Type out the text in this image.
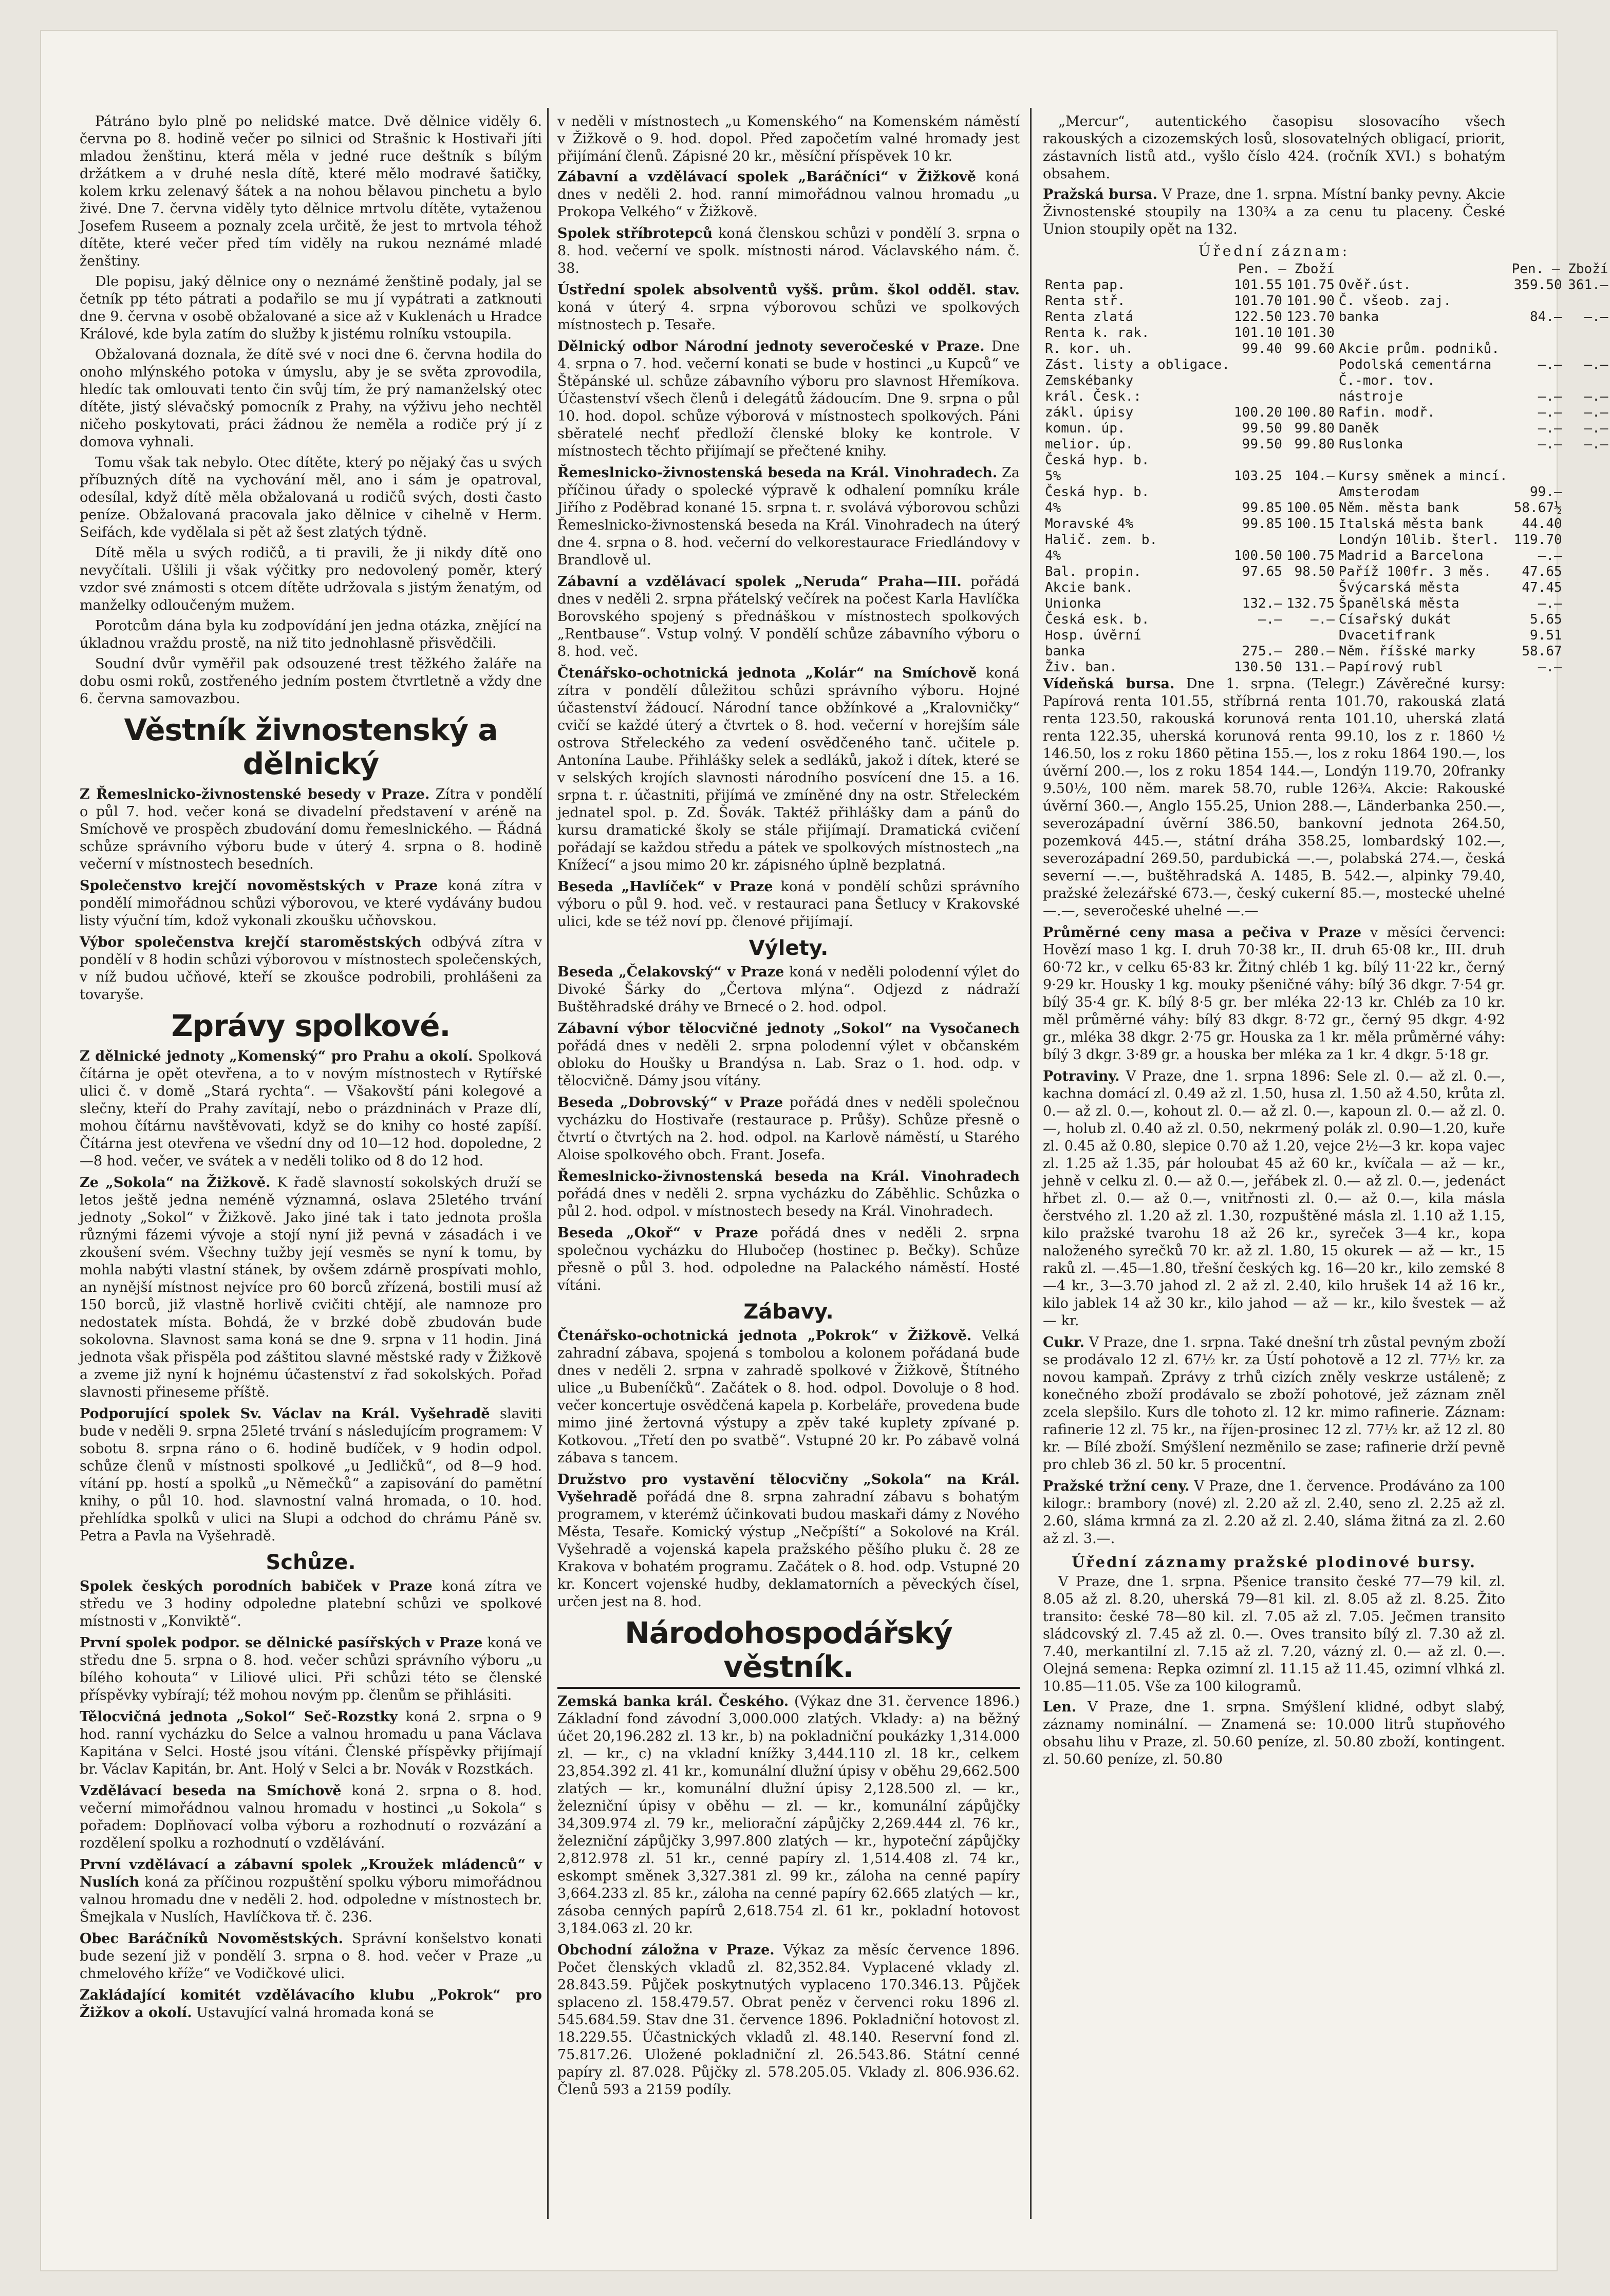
Pátráno bylo plně po nelidské matce. Dvě dělnice viděly 6. června po 8. hodině večer po silnici od Strašnic k Hostivaři jíti mladou ženštinu, která měla v jedné ruce deštník s bílým držátkem a v druhé nesla dítě, které mělo modravé šatičky, kolem krku zelenavý šátek a na nohou bělavou pinchetu a bylo živé. Dne 7. června viděly tyto dělnice mrtvolu dítěte, vytaženou Josefem Ruseem a poznaly zcela určitě, že jest to mrtvola téhož dítěte, které večer před tím viděly na rukou neznámé mladé ženštiny.

Dle popisu, jaký dělnice ony o neznámé ženštině podaly, jal se četník pp této pátrati a podařilo se mu jí vypátrati a zatknouti dne 9. června v osobě obžalované a sice až v Kuklenách u Hradce Králové, kde byla zatím do služby k jistému rolníku vstoupila.

Obžalovaná doznala, že dítě své v noci dne 6. června hodila do onoho mlýnského potoka v úmyslu, aby je se světa zprovodila, hledíc tak omlouvati tento čin svůj tím, že prý namanželský otec dítěte, jistý slévačský pomocník z Prahy, na výživu jeho nechtěl ničeho poskytovati, práci žádnou že neměla a rodiče prý jí z domova vyhnali.

Tomu však tak nebylo. Otec dítěte, který po nějaký čas u svých příbuzných dítě na vychování měl, ano i sám je opatroval, odesílal, když dítě měla obžalovaná u rodičů svých, dosti často peníze. Obžalovaná pracovala jako dělnice v cihelně v Herm. Seifách, kde vydělala si pět až šest zlatých týdně.

Dítě měla u svých rodičů, a ti pravili, že ji nikdy dítě ono nevyčítali. Ušlili ji však výčitky pro nedovolený poměr, který vzdor své známosti s otcem dítěte udržovala s jistým ženatým, od manželky odloučeným mužem.

Porotcům dána byla ku zodpovídání jen jedna otázka, znějící na úkladnou vraždu prostě, na niž tito jednohlasně přisvědčili.

Soudní dvůr vyměřil pak odsouzené trest těžkého žaláře na dobu osmi roků, zostřeného jedním postem čtvrtletně a vždy dne 6. června samovazbou.

Věstník živnostenský a dělnický
Z Řemeslnicko-živnostenské besedy v Praze. Zítra v pondělí o půl 7. hod. večer koná se divadelní představení v aréně na Smíchově ve prospěch zbudování domu řemeslnického. — Řádná schůze správního výboru bude v úterý 4. srpna o 8. hodině večerní v místnostech besedních.
Společenstvo krejčí novoměstských v Praze koná zítra v pondělí mimořádnou schůzi výborovou, ve které vydávány budou listy výuční tím, kdož vykonali zkoušku učňovskou.
Výbor společenstva krejčí staroměstských odbývá zítra v pondělí v 8 hodin schůzi výborovou v místnostech společenských, v níž budou učňové, kteří se zkoušce podrobili, prohlášeni za tovaryše.
Zprávy spolkové.
Z dělnické jednoty „Komenský“ pro Prahu a okolí. Spolková čítárna je opět otevřena, a to v novým místnostech v Rytířské ulici č. v domě „Stará rychta“. — Všakovští páni kolegové a slečny, kteří do Prahy zavítají, nebo o prázdninách v Praze dlí, mohou čítárnu navštěvovati, když se do knihy co hosté zapíší. Čítárna jest otevřena ve všední dny od 10—12 hod. dopoledne, 2—8 hod. večer, ve svátek a v neděli toliko od 8 do 12 hod.
Ze „Sokola“ na Žižkově. K řadě slavností sokolských druží se letos ještě jedna neméně významná, oslava 25letého trvání jednoty „Sokol“ v Žižkově. Jako jiné tak i tato jednota prošla různými fázemi vývoje a stojí nyní již pevná v zásadách i ve zkoušení svém. Všechny tužby její vesměs se nyní k tomu, by mohla nabýti vlastní stánek, by ovšem zdárně prospívati mohlo, an nynější místnost nejvíce pro 60 borců zřízená, bostili musí až 150 borců, již vlastně horlivě cvičiti chtějí, ale namnoze pro nedostatek místa. Bohdá, že v brzké době zbudován bude sokolovna. Slavnost sama koná se dne 9. srpna v 11 hodin. Jiná jednota však přispěla pod záštitou slavné městské rady v Žižkově a zveme již nyní k hojnému účastenství z řad sokolských. Pořad slavnosti přineseme příště.
Podporující spolek Sv. Václav na Král. Vyšehradě slaviti bude v neděli 9. srpna 25leté trvání s následujícím programem: V sobotu 8. srpna ráno o 6. hodině budíček, v 9 hodin odpol. schůze členů v místnosti spolkové „u Jedličků“, od 8—9 hod. vítání pp. hostí a spolků „u Němečků“ a zapisování do pamětní knihy, o půl 10. hod. slavnostní valná hromada, o 10. hod. přehlídka spolků v ulici na Slupi a odchod do chrámu Páně sv. Petra a Pavla na Vyšehradě.
Schůze.
Spolek českých porodních babiček v Praze koná zítra ve středu ve 3 hodiny odpoledne platební schůzi ve spolkové místnosti v „Konviktě“.
První spolek podpor. se dělnické pasířských v Praze koná ve středu dne 5. srpna o 8. hod. večer schůzi správního výboru „u bílého kohouta“ v Liliové ulici. Při schůzi této se členské příspěvky vybírají; též mohou novým pp. členům se přihlásiti.
Tělocvičná jednota „Sokol“ Seč-Rozstky koná 2. srpna o 9 hod. ranní vycházku do Selce a valnou hromadu u pana Václava Kapitána v Selci. Hosté jsou vítáni. Členské příspěvky přijímají br. Václav Kapitán, br. Ant. Holý v Selci a br. Novák v Rozstkách.
Vzdělávací beseda na Smíchově koná 2. srpna o 8. hod. večerní mimořádnou valnou hromadu v hostinci „u Sokola“ s pořadem: Doplňovací volba výboru a rozhodnutí o rozvázání a rozdělení spolku a rozhodnutí o vzdělávání.
První vzdělávací a zábavní spolek „Kroužek mládenců“ v Nuslích koná za příčinou rozpuštění spolku výboru mimořádnou valnou hromadu dne v neděli 2. hod. odpoledne v místnostech br. Šmejkala v Nuslích, Havlíčkova tř. č. 236.
Obec Baráčníků Novoměstských. Správní konšelstvo konati bude sezení již v pondělí 3. srpna o 8. hod. večer v Praze „u chmelového kříže“ ve Vodičkové ulici.
Zakládající komitét vzdělávacího klubu „Pokrok“ pro Žižkov a okolí. Ustavující valná hromada koná se

v neděli v místnostech „u Komenského“ na Komenském náměstí v Žižkově o 9. hod. dopol. Před započetím valné hromady jest přijímání členů. Zápisné 20 kr., měsíční příspěvek 10 kr.

Zábavní a vzdělávací spolek „Baráčníci“ v Žižkově koná dnes v neděli 2. hod. ranní mimořádnou valnou hromadu „u Prokopa Velkého“ v Žižkově.
Spolek stříbrotepců koná členskou schůzi v pondělí 3. srpna o 8. hod. večerní ve spolk. místnosti národ. Václavského nám. č. 38.
Ústřední spolek absolventů vyšš. prům. škol odděl. stav. koná v úterý 4. srpna výborovou schůzi ve spolkových místnostech p. Tesaře.
Dělnický odbor Národní jednoty severočeské v Praze. Dne 4. srpna o 7. hod. večerní konati se bude v hostinci „u Kupců“ ve Štěpánské ul. schůze zábavního výboru pro slavnost Hřemíkova. Účastenství všech členů i delegátů žádoucím. Dne 9. srpna o půl 10. hod. dopol. schůze výborová v místnostech spolkových. Páni sběratelé nechť předloží členské bloky ke kontrole. V místnostech těchto přijímají se přečtené knihy.
Řemeslnicko-živnostenská beseda na Král. Vinohradech. Za příčinou úřady o spolecké výpravě k odhalení pomníku krále Jiřího z Poděbrad konané 15. srpna t. r. svolává výborovou schůzi Řemeslnicko-živnostenská beseda na Král. Vinohradech na úterý dne 4. srpna o 8. hod. večerní do velkorestaurace Friedlándovy v Brandlově ul.
Zábavní a vzdělávací spolek „Neruda“ Praha—III. pořádá dnes v neděli 2. srpna přátelský večírek na počest Karla Havlíčka Borovského spojený s přednáškou v místnostech spolkových „Rentbause“. Vstup volný. V pondělí schůze zábavního výboru o 8. hod. več.
Čtenářsko-ochotnická jednota „Kolár“ na Smíchově koná zítra v pondělí důležitou schůzi správního výboru. Hojné účastenství žádoucí. Národní tance obžínkové a „Kralovničky“ cvičí se každé úterý a čtvrtek o 8. hod. večerní v horejším sále ostrova Střeleckého za vedení osvědčeného tanč. učitele p. Antonína Laube. Přihlášky selek a sedláků, jakož i dítek, které se v selských krojích slavnosti národního posvícení dne 15. a 16. srpna t. r. účastniti, přijímá ve zmíněné dny na ostr. Střeleckém jednatel spol. p. Zd. Šovák. Taktéž přihlášky dam a pánů do kursu dramatické školy se stále přijímají. Dramatická cvičení pořádají se každou středu a pátek ve spolkových místnostech „na Knížecí“ a jsou mimo 20 kr. zápisného úplně bezplatná.
Beseda „Havlíček“ v Praze koná v pondělí schůzi správního výboru o půl 9. hod. več. v restauraci pana Šetlucy v Krakovské ulici, kde se též noví pp. členové přijímají.
Výlety.
Beseda „Čelakovský“ v Praze koná v neděli polodenní výlet do Divoké Šárky do „Čertova mlýna“. Odjezd z nádraží Buštěhradské dráhy ve Brnecé o 2. hod. odpol.
Zábavní výbor tělocvičné jednoty „Sokol“ na Vysočanech pořádá dnes v neděli 2. srpna polodenní výlet v občanském obloku do Houšky u Brandýsa n. Lab. Sraz o 1. hod. odp. v tělocvičně. Dámy jsou vítány.
Beseda „Dobrovský“ v Praze pořádá dnes v neděli společnou vycházku do Hostivaře (restaurace p. Průšy). Schůze přesně o čtvrtí o čtvrtých na 2. hod. odpol. na Karlově náměstí, u Starého Aloise spolkového obch. Frant. Josefa.
Řemeslnicko-živnostenská beseda na Král. Vinohradech pořádá dnes v neděli 2. srpna vycházku do Záběhlic. Schůzka o půl 2. hod. odpol. v místnostech besedy na Král. Vinohradech.
Beseda „Okoř“ v Praze pořádá dnes v neděli 2. srpna společnou vycházku do Hlubočep (hostinec p. Bečky). Schůze přesně o půl 3. hod. odpoledne na Palackého náměstí. Hosté vítáni.
Zábavy.
Čtenářsko-ochotnická jednota „Pokrok“ v Žižkově. Velká zahradní zábava, spojená s tombolou a kolonem pořádaná bude dnes v neděli 2. srpna v zahradě spolkové v Žižkově, Štítného ulice „u Bubeníčků“. Začátek o 8. hod. odpol. Dovoluje o 8 hod. večer koncertuje osvědčená kapela p. Korbeláře, provedena bude mimo jiné žertovná výstupy a zpěv také kuplety zpívané p. Kotkovou. „Třetí den po svatbě“. Vstupné 20 kr. Po zábavě volná zábava s tancem.
Družstvo pro vystavění tělocvičny „Sokola“ na Král. Vyšehradě pořádá dne 8. srpna zahradní zábavu s bohatým programem, v kterémž účinkovati budou maskaři dámy z Nového Města, Tesaře. Komický výstup „Nečpíští“ a Sokolové na Král. Vyšehradě a vojenská kapela pražského pěšího pluku č. 28 ze Krakova v bohatém programu. Začátek o 8. hod. odp. Vstupné 20 kr. Koncert vojenské hudby, deklamatorních a pěveckých čísel, určen jest na 8. hod.
Národohospodářský věstník.
Zemská banka král. Českého. (Výkaz dne 31. července 1896.) Základní fond závodní 3,000.000 zlatých. Vklady: a) na běžný účet 20,196.282 zl. 13 kr., b) na pokladniční poukázky 1,314.000 zl. — kr., c) na vkladní knížky 3,444.110 zl. 18 kr., celkem 23,854.392 zl. 41 kr., komunální dlužní úpisy v oběhu 29,662.500 zlatých — kr., komunální dlužní úpisy 2,128.500 zl. — kr., železniční úpisy v oběhu — zl. — kr., komunální zápůjčky 34,309.974 zl. 79 kr., meliorační zápůjčky 2,269.444 zl. 76 kr., železniční zápůjčky 3,997.800 zlatých — kr., hypoteční zápůjčky 2,812.978 zl. 51 kr., cenné papíry zl. 1,514.408 zl. 74 kr., eskompt směnek 3,327.381 zl. 99 kr., záloha na cenné papíry 3,664.233 zl. 85 kr., záloha na cenné papíry 62.665 zlatých — kr., zásoba cenných papírů 2,618.754 zl. 61 kr., pokladní hotovost 3,184.063 zl. 20 kr.
Obchodní záložna v Praze. Výkaz za měsíc července 1896. Počet členských vkladů zl. 82,352.84. Vyplacené vklady zl. 28.843.59. Půjček poskytnutých vyplaceno 170.346.13. Půjček splaceno zl. 158.479.57. Obrat peněz v červenci roku 1896 zl. 545.684.59. Stav dne 31. července 1896. Pokladniční hotovost zl. 18.229.55. Účastnických vkladů zl. 48.140. Reservní fond zl. 75.817.26. Uložené pokladniční zl. 26.543.86. Státní cenné papíry zl. 87.028. Půjčky zl. 578.205.05. Vklady zl. 806.936.62. Členů 593 a 2159 podíly.

„Mercur“, autentického časopisu slosovacího všech rakouských a cizozemských losů, slosovatelných obligací, priorit, zástavních listů atd., vyšlo číslo 424. (ročník XVI.) s bohatým obsahem.

Pražská bursa. V Praze, dne 1. srpna. Místní banky pevny. Akcie Živnostenské stoupily na 130¾ a za cenu tu placeny. České Union stoupily opět na 132.
Úřední záznam:
	Pen. — Zboží			Pen. — Zboží	
Renta pap.	101.55	101.75	Ověř.úst.	359.50	361.—
Renta stř.	101.70	101.90	Č. všeob. zaj.		
Renta zlatá	122.50	123.70	banka	84.—	—.—
Renta k. rak.	101.10	101.30			
R. kor. uh.	99.40	99.60	Akcie prům. podniků.		
Zást. listy a obligace.			Podolská cementárna	—.—	—.—
Zemskébanky			Č.-mor. tov.		
král. Česk.:			nástroje	—.—	—.—
zákl. úpisy	100.20	100.80	Rafin. modř.	—.—	—.—
komun. úp.	99.50	99.80	Daněk	—.—	—.—
melior. úp.	99.50	99.80	Ruslonka	—.—	—.—
Česká hyp. b.					
5%	103.25	104.—	Kursy směnek a mincí.		
Česká hyp. b.			Amsterodam	99.—	
4%	99.85	100.05	Něm. města bank	58.67½	
Moravské 4%	99.85	100.15	Italská města bank	44.40	
Halič. zem. b.			Londýn 10lib. šterl.	119.70	
4%	100.50	100.75	Madrid a Barcelona	—.—	
Bal. propin.	97.65	98.50	Paříž 100fr. 3 měs.	47.65	
Akcie bank.			Švýcarská města	47.45	
Unionka	132.—	132.75	Španělská města	—.—	
Česká esk. b.	—.—	—.—	Císařský dukát	5.65	
Hosp. úvěrní			Dvacetifrank	9.51	
banka	275.—	280.—	Něm. říšské marky	58.67	
Živ. ban.	130.50	131.—	Papírový rubl	—.—	
Vídeňská bursa. Dne 1. srpna. (Telegr.) Závěrečné kursy: Papírová renta 101.55, stříbrná renta 101.70, rakouská zlatá renta 123.50, rakouská korunová renta 101.10, uherská zlatá renta 122.35, uherská korunová renta 99.10, los z r. 1860 ½ 146.50, los z roku 1860 pětina 155.—, los z roku 1864 190.—, los úvěrní 200.—, los z roku 1854 144.—, Londýn 119.70, 20franky 9.50½, 100 něm. marek 58.70, ruble 126¾. Akcie: Rakouské úvěrní 360.—, Anglo 155.25, Union 288.—, Länderbanka 250.—, severozápadní úvěrní 386.50, bankovní jednota 264.50, pozemková 445.—, státní dráha 358.25, lombardský 102.—, severozápadní 269.50, pardubická —.—, polabská 274.—, česká severní —.—, buštěhradská A. 1485, B. 542.—, alpinky 79.40, pražské železářské 673.—, český cukerní 85.—, mostecké uhelné —.—, severočeské uhelné —.—
Průměrné ceny masa a pečiva v Praze v měsíci červenci: Hovězí maso 1 kg. I. druh 70·38 kr., II. druh 65·08 kr., III. druh 60·72 kr., v celku 65·83 kr. Žitný chléb 1 kg. bílý 11·22 kr., černý 9·29 kr. Housky 1 kg. mouky pšeničné váhy: bílý 36 dkgr. 7·54 gr. bílý 35·4 gr. K. bílý 8·5 gr. ber mléka 22·13 kr. Chléb za 10 kr. měl průměrné váhy: bílý 83 dkgr. 8·72 gr., černý 95 dkgr. 4·92 gr., mléka 38 dkgr. 2·75 gr. Houska za 1 kr. měla průměrné váhy: bílý 3 dkgr. 3·89 gr. a houska ber mléka za 1 kr. 4 dkgr. 5·18 gr.
Potraviny. V Praze, dne 1. srpna 1896: Sele zl. 0.— až zl. 0.—, kachna domácí zl. 0.49 až zl. 1.50, husa zl. 1.50 až 4.50, krůta zl. 0.— až zl. 0.—, kohout zl. 0.— až zl. 0.—, kapoun zl. 0.— až zl. 0.—, holub zl. 0.40 až zl. 0.50, nekrmený polák zl. 0.90—1.20, kuře zl. 0.45 až 0.80, slepice 0.70 až 1.20, vejce 2½—3 kr. kopa vajec zl. 1.25 až 1.35, pár holoubat 45 až 60 kr., kvíčala — až — kr., jehně v celku zl. 0.— až 0.—, jeřábek zl. 0.— až zl. 0.—, jedenáct hřbet zl. 0.— až 0.—, vnitřnosti zl. 0.— až 0.—, kila másla čerstvého zl. 1.20 až zl. 1.30, rozpuštěné másla zl. 1.10 až 1.15, kilo pražské tvarohu 18 až 26 kr., syreček 3—4 kr., kopa naloženého syrečků 70 kr. až zl. 1.80, 15 okurek — až — kr., 15 raků zl. —.45—1.80, třešní českých kg. 16—20 kr., kilo zemské 8—4 kr., 3—3.70 jahod zl. 2 až zl. 2.40, kilo hrušek 14 až 16 kr., kilo jablek 14 až 30 kr., kilo jahod — až — kr., kilo švestek — až — kr.
Cukr. V Praze, dne 1. srpna. Také dnešní trh zůstal pevným zboží se prodávalo 12 zl. 67½ kr. za Ústí pohotově a 12 zl. 77½ kr. za novou kampaň. Zprávy z trhů cizích zněly veskrze ustáleně; z konečného zboží prodávalo se zboží pohotové, jež záznam zněl zcela slepšilo. Kurs dle tohoto zl. 12 kr. mimo rafinerie. Záznam: rafinerie 12 zl. 75 kr., na říjen-prosinec 12 zl. 77½ kr. až 12 zl. 80 kr. — Bílé zboží. Smýšlení nezměnilo se zase; rafinerie drží pevně pro chleb 36 zl. 50 kr. 5 procentní.
Pražské tržní ceny. V Praze, dne 1. července. Prodáváno za 100 kilogr.: brambory (nové) zl. 2.20 až zl. 2.40, seno zl. 2.25 až zl. 2.60, sláma krmná za zl. 2.20 až zl. 2.40, sláma žitná za zl. 2.60 až zl. 3.—.
Úřední záznamy pražské plodinové bursy.

V Praze, dne 1. srpna. Pšenice transito české 77—79 kil. zl. 8.05 až zl. 8.20, uherská 79—81 kil. zl. 8.05 až zl. 8.25. Žito transito: české 78—80 kil. zl. 7.05 až zl. 7.05. Ječmen transito sládcovský zl. 7.45 až zl. 0.—. Oves transito bílý zl. 7.30 až zl. 7.40, merkantilní zl. 7.15 až zl. 7.20, vázný zl. 0.— až zl. 0.—. Olejná semena: Repka ozimní zl. 11.15 až 11.45, ozimní vlhká zl. 10.85—11.05. Vše za 100 kilogramů.

Len. V Praze, dne 1. srpna. Smýšlení klidné, odbyt slabý, záznamy nominální. — Znamená se: 10.000 litrů stupňového obsahu lihu v Praze, zl. 50.60 peníze, zl. 50.80 zboží, kontingent. zl. 50.60 peníze, zl. 50.80
